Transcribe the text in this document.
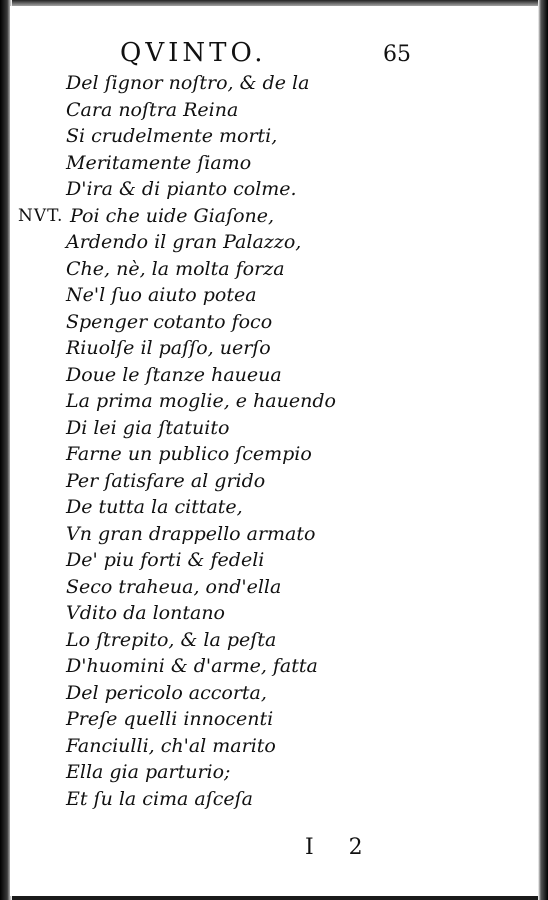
QVINTO.	65
Del ſignor noſtro, & de la
Cara noſtra Reina
Si crudelmente morti,
Meritamente ſiamo
D'ira & di pianto colme.
NVT. Poi che uide Giaſone,
Ardendo il gran Palazzo,
Che, nè, la molta forza
Ne'l ſuo aiuto potea
Spenger cotanto foco
Riuolſe il paſſo, uerſo
Doue le ſtanze haueua
La prima moglie, e hauendo
Di lei gia ſtatuito
Farne un publico ſcempio
Per ſatisfare al grido
De tutta la cittate,
Vn gran drappello armato
De' piu forti & fedeli
Seco traheua, ond'ella
Vdito da lontano
Lo ſtrepito, & la peſta
D'huomini & d'arme, fatta
Del pericolo accorta,
Preſe quelli innocenti
Fanciulli, ch'al marito
Ella gia parturio;
Et ſu la cima aſceſa
I 2
